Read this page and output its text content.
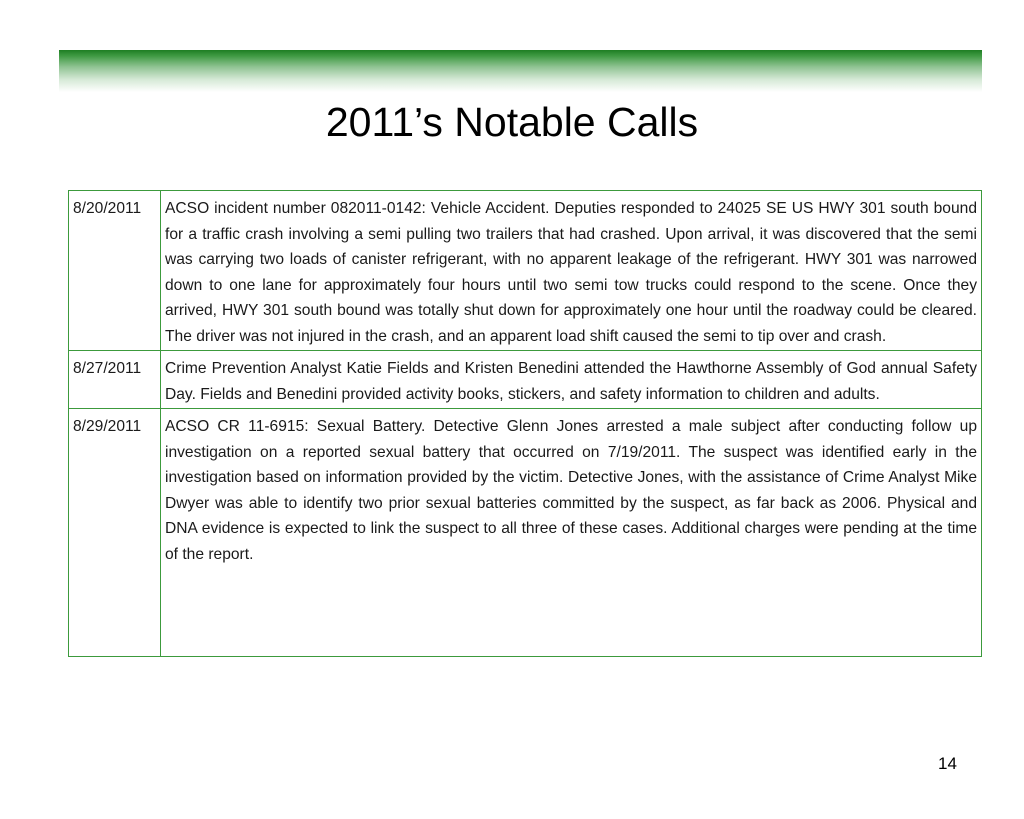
2011’s Notable Calls
8/20/2011	ACSO incident number 082011-0142: Vehicle Accident. Deputies responded to 24025 SE US HWY 301 south bound for a traffic crash involving a semi pulling two trailers that had crashed. Upon arrival, it was discovered that the semi was carrying two loads of canister refrigerant, with no apparent leakage of the refrigerant. HWY 301 was narrowed down to one lane for approximately four hours until two semi tow trucks could respond to the scene. Once they arrived, HWY 301 south bound was totally shut down for approximately one hour until the roadway could be cleared. The driver was not injured in the crash, and an apparent load shift caused the semi to tip over and crash.
8/27/2011	Crime Prevention Analyst Katie Fields and Kristen Benedini attended the Hawthorne Assembly of God annual Safety Day. Fields and Benedini provided activity books, stickers, and safety information to children and adults.
8/29/2011	ACSO CR 11-6915: Sexual Battery. Detective Glenn Jones arrested a male subject after conducting follow up investigation on a reported sexual battery that occurred on 7/19/2011. The suspect was identified early in the investigation based on information provided by the victim. Detective Jones, with the assistance of Crime Analyst Mike Dwyer was able to identify two prior sexual batteries committed by the suspect, as far back as 2006. Physical and DNA evidence is expected to link the suspect to all three of these cases. Additional charges were pending at the time of the report.
14
